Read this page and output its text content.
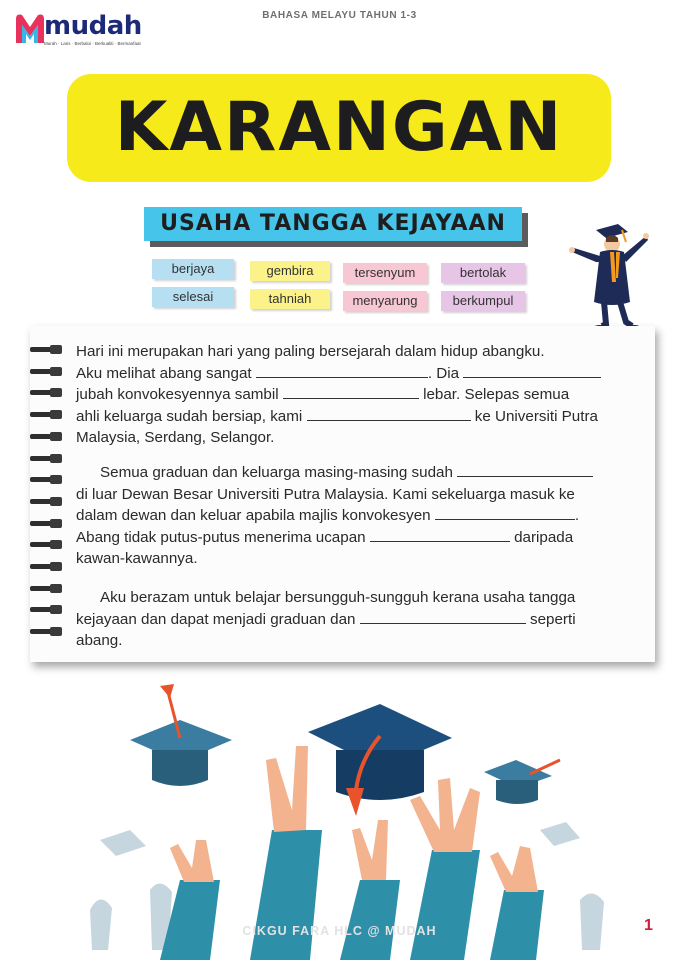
mudah
Murah · Laris · Berbaloi · Berkualiti · Bermanfaat
BAHASA MELAYU TAHUN 1-3
KARANGAN
USAHA TANGGA KEJAYAAN
berjaya	gembira	tersenyum	bertolak
selesai	tahniah	menyarung	berkumpul
Hari ini merupakan hari yang paling bersejarah dalam hidup abangku.
Aku melihat abang sangat	. Dia
jubah konvokesyennya sambil	lebar. Selepas semua
ahli keluarga sudah bersiap, kami	ke Universiti Putra
Malaysia, Serdang, Selangor.
Semua graduan dan keluarga masing-masing sudah
di luar Dewan Besar Universiti Putra Malaysia. Kami sekeluarga masuk ke
dalam dewan dan keluar apabila majlis konvokesyen	.
Abang tidak putus-putus menerima ucapan	daripada
kawan-kawannya.
Aku berazam untuk belajar bersungguh-sungguh kerana usaha tangga
kejayaan dan dapat menjadi graduan dan	seperti
abang.
CIKGU FARA HLC @ MUDAH	1
